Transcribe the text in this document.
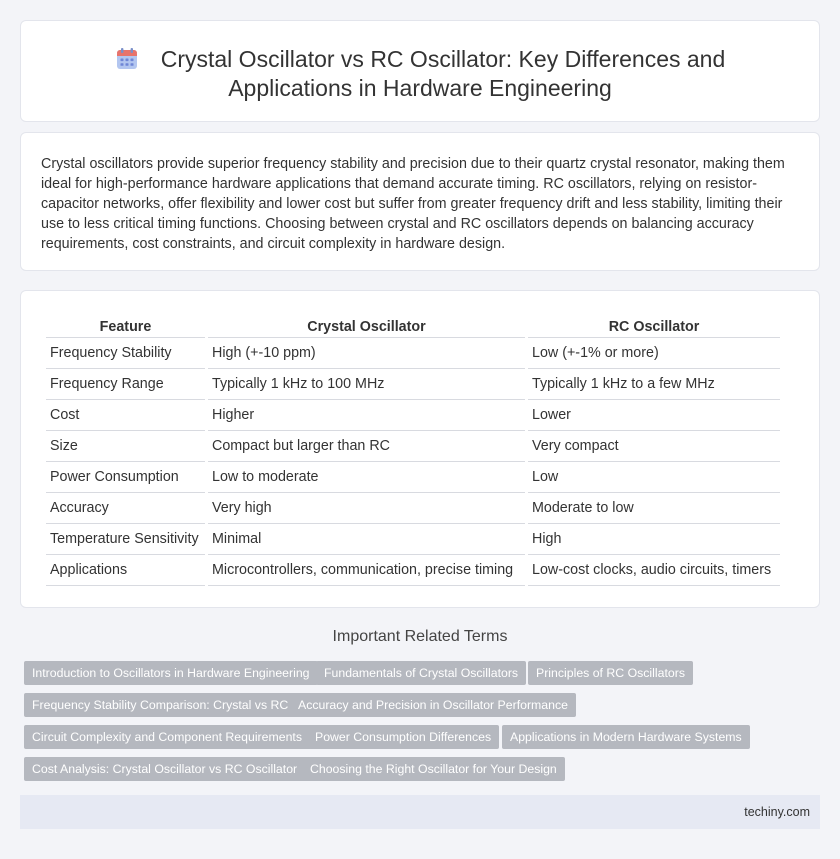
Crystal Oscillator vs RC Oscillator: Key Differences and
Applications in Hardware Engineering

Crystal oscillators provide superior frequency stability and precision due to their quartz crystal resonator, making them ideal for high-performance hardware applications that demand accurate timing. RC oscillators, relying on resistor-capacitor networks, offer flexibility and lower cost but suffer from greater frequency drift and less stability, limiting their use to less critical timing functions. Choosing between crystal and RC oscillators depends on balancing accuracy requirements, cost constraints, and circuit complexity in hardware design.

Feature	Crystal Oscillator	RC Oscillator
Frequency Stability	High (+-10 ppm)	Low (+-1% or more)
Frequency Range	Typically 1 kHz to 100 MHz	Typically 1 kHz to a few MHz
Cost	Higher	Lower
Size	Compact but larger than RC	Very compact
Power Consumption	Low to moderate	Low
Accuracy	Very high	Moderate to low
Temperature Sensitivity	Minimal	High
Applications	Microcontrollers, communication, precise timing	Low-cost clocks, audio circuits, timers
Important Related Terms
Introduction to Oscillators in Hardware Engineering	Fundamentals of Crystal Oscillators	Principles of RC Oscillators
Frequency Stability Comparison: Crystal vs RC Accuracy and Precision in Oscillator Performance
Circuit Complexity and Component Requirements	Power Consumption Differences	Applications in Modern Hardware Systems
Cost Analysis: Crystal Oscillator vs RC Oscillator	Choosing the Right Oscillator for Your Design
techiny.com
